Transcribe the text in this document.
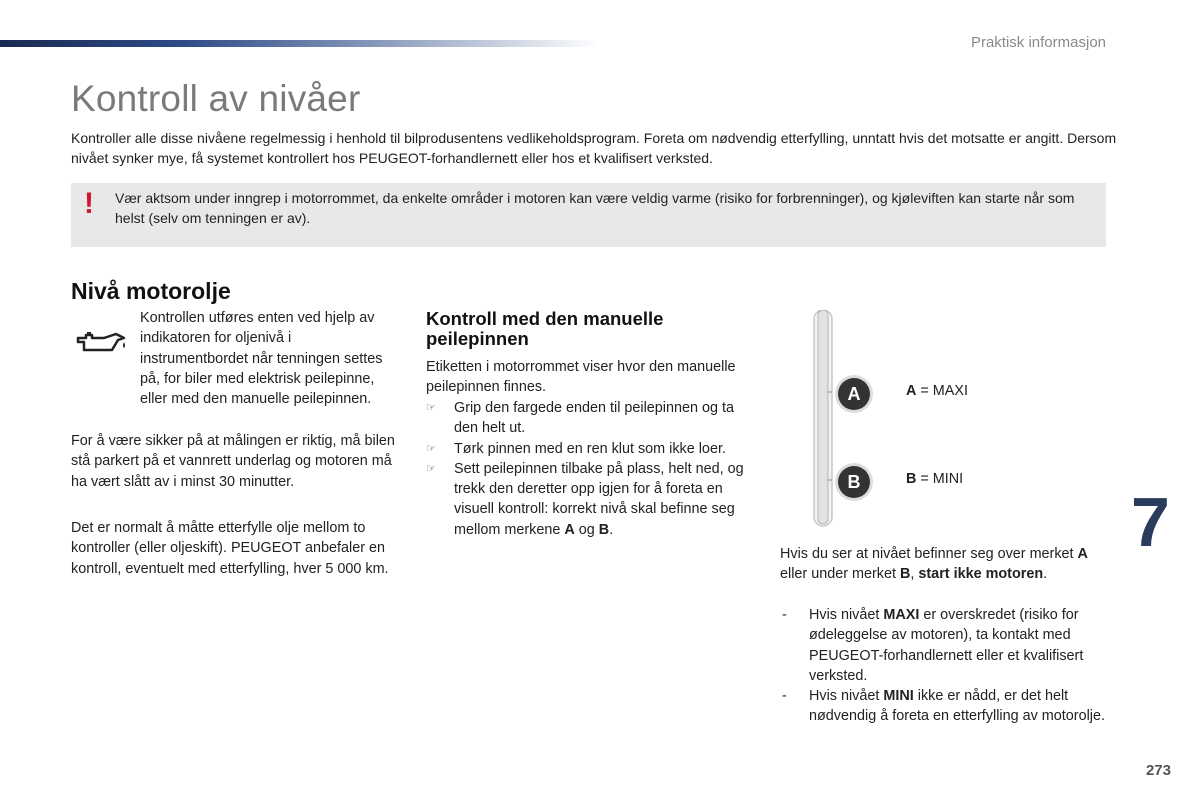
Praktisk informasjon
Kontroll av nivåer
Kontroller alle disse nivåene regelmessig i henhold til bilprodusentens vedlikeholdsprogram. Foreta om nødvendig etterfylling, unntatt hvis det motsatte er angitt. Dersom nivået synker mye, få systemet kontrollert hos PEUGEOT-forhandlernett eller hos et kvalifisert verksted.
! Vær aktsom under inngrep i motorrommet, da enkelte områder i motoren kan være veldig varme (risiko for forbrenninger), og kjøleviften kan starte når som helst (selv om tenningen er av).
Nivå motorolje
Kontrollen utføres enten ved hjelp av indikatoren for oljenivå i instrumentbordet når tenningen settes på, for biler med elektrisk peilepinne, eller med den manuelle peilepinnen.
For å være sikker på at målingen er riktig, må bilen stå parkert på et vannrett underlag og motoren må ha vært slått av i minst 30 minutter.
Det er normalt å måtte etterfylle olje mellom to kontroller (eller oljeskift). PEUGEOT anbefaler en kontroll, eventuelt med etterfylling, hver 5 000 km.
Kontroll med den manuelle peilepinnen
Etiketten i motorrommet viser hvor den manuelle peilepinnen finnes.
☞ Grip den fargede enden til peilepinnen og ta den helt ut.
☞ Tørk pinnen med en ren klut som ikke loer.
☞ Sett peilepinnen tilbake på plass, helt ned, og trekk den deretter opp igjen for å foreta en visuell kontroll: korrekt nivå skal befinne seg mellom merkene A og B.
A
B
A = MAXI
B = MINI
Hvis du ser at nivået befinner seg over merket A eller under merket B, start ikke motoren.
- Hvis nivået MAXI er overskredet (risiko for ødeleggelse av motoren), ta kontakt med PEUGEOT-forhandlernett eller et kvalifisert verksted.
- Hvis nivået MINI ikke er nådd, er det helt nødvendig å foreta en etterfylling av motorolje.
7
273
